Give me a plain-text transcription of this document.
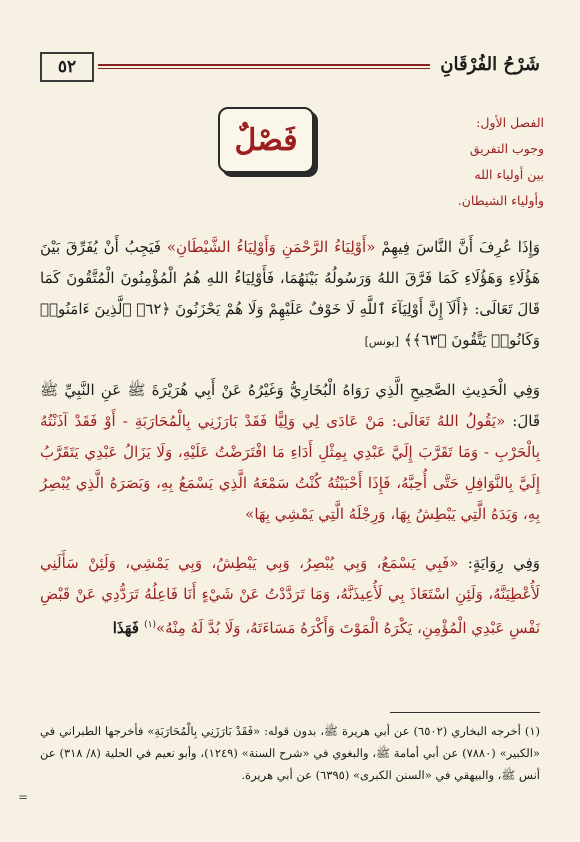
٥٢	شَرْحُ الفُرْقَانِ
فَصْلٌ	الفصل الأول:
وجوب التفريق
بين أولياء الله
وأولياء الشيطان.

وَإِذَا عُرِفَ أَنَّ النَّاسَ فِيهِمْ «أَوْلِيَاءُ الرَّحْمَنِ وَأَوْلِيَاءُ الشَّيْطَانِ» فَيَجِبُ أَنْ يُفَرِّقَ بَيْنَ هَؤُلَاءِ وَهَؤُلَاءِ كَمَا فَرَّقَ اللهُ وَرَسُولُهُ بَيْنَهُمَا، فَأَوْلِيَاءُ اللهِ هُمُ الْمُؤْمِنُونَ الْمُتَّقُونَ كَمَا قَالَ تَعَالَى: ﴿أَلَآ إِنَّ أَوْلِيَآءَ ٱللَّهِ لَا خَوْفٌ عَلَيْهِمْ وَلَا هُمْ يَحْزَنُونَ ﴿٦٢﴾ ٱلَّذِينَ ءَامَنُوا۟ وَكَانُوا۟ يَتَّقُونَ ﴿٦٣﴾﴾ [يونس]

وَفِي الْحَدِيثِ الصَّحِيحِ الَّذِي رَوَاهُ الْبُخَارِيُّ وَغَيْرُهُ عَنْ أَبِي هُرَيْرَةَ ﷺ عَنِ النَّبِيِّ ﷺ قَالَ: «يَقُولُ اللهُ تَعَالَى: مَنْ عَادَى لِي وَلِيًّا فَقَدْ بَارَزَنِي بِالْمُحَارَبَةِ - أَوْ فَقَدْ آذَنْتُهُ بِالْحَرْبِ - وَمَا تَقَرَّبَ إِلَيَّ عَبْدِي بِمِثْلِ أَدَاءِ مَا افْتَرَضْتُ عَلَيْهِ، وَلَا يَزَالُ عَبْدِي يَتَقَرَّبُ إِلَيَّ بِالنَّوَافِلِ حَتَّى أُحِبَّهُ، فَإِذَا أَحْبَبْتُهُ كُنْتُ سَمْعَهُ الَّذِي يَسْمَعُ بِهِ، وَبَصَرَهُ الَّذِي يُبْصِرُ بِهِ، وَيَدَهُ الَّتِي يَبْطِشُ بِهَا، وَرِجْلَهُ الَّتِي يَمْشِي بِهَا»

وَفِي رِوَايَةٍ: «فَبِي يَسْمَعُ، وَبِي يُبْصِرُ، وَبِي يَبْطِشُ، وَبِي يَمْشِي، وَلَئِنْ سَأَلَنِي لَأُعْطِيَنَّهُ، وَلَئِنِ اسْتَعَاذَ بِي لَأُعِيذَنَّهُ، وَمَا تَرَدَّدْتُ عَنْ شَيْءٍ أَنَا فَاعِلُهُ تَرَدُّدِي عَنْ قَبْضِ نَفْسِ عَبْدِي الْمُؤْمِنِ، يَكْرَهُ الْمَوْتَ وَأَكْرَهُ مَسَاءَتَهُ، وَلَا بُدَّ لَهُ مِنْهُ»$^{(١)}$ فَهَذَا

(١) أخرجه البخاري (٦٥٠٢) عن أبي هريرة ﷺ، بدون قوله: «فَقَدْ بَارَزَنِي بِالْمُحَارَبَةِ» فأخرجها الطبراني في «الكبير» (٧٨٨٠) عن أبي أمامة ﷺ، والبغوي في «شرح السنة» (١٢٤٩)، وأبو نعيم في الحلية (٨/ ٣١٨) عن أنس ﷺ، والبيهقي في «السنن الكبرى» (٦٣٩٥) عن أبي هريرة.
=
